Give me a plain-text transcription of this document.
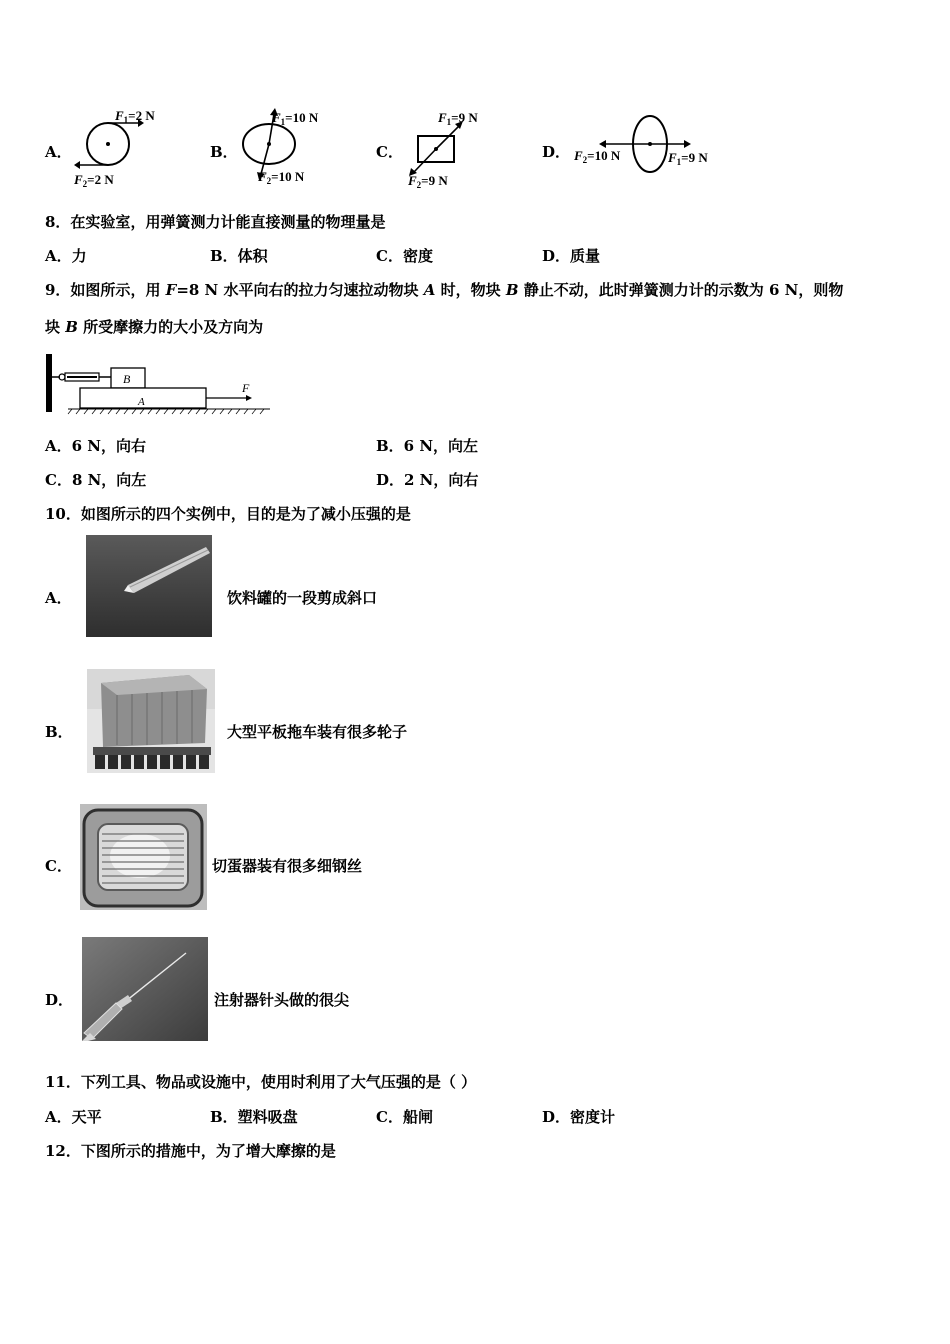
A．
$F_1=2$ N
$F_2=2$ N
B．
$F_1=10$ N
$F_2=10$ N
C．
$F_1=9$ N
$F_2=9$ N
D．	$F_1=9$ N
$F_2=10$ N
8．在实验室，用弹簧测力计能直接测量的物理量是
A．力	B．体积	C．密度	D．质量
9．如图所示，用 F=8 N 水平向右的拉力匀速拉动物块 A 时，物块 B 静止不动，此时弹簧测力计的示数为 6 N，则物
块 B 所受摩擦力的大小及方向为
B
A
F
A．6 N，向右	B．6 N，向左
C．8 N，向左	D．2 N，向右
10．如图所示的四个实例中，目的是为了减小压强的是
A．	饮料罐的一段剪成斜口
B．	大型平板拖车装有很多轮子
C．	切蛋器装有很多细钢丝
D．	注射器针头做的很尖
11．下列工具、物品或设施中，使用时利用了大气压强的是（ ）
A．天平	B．塑料吸盘	C．船闸	D．密度计
12．下图所示的措施中，为了增大摩擦的是
